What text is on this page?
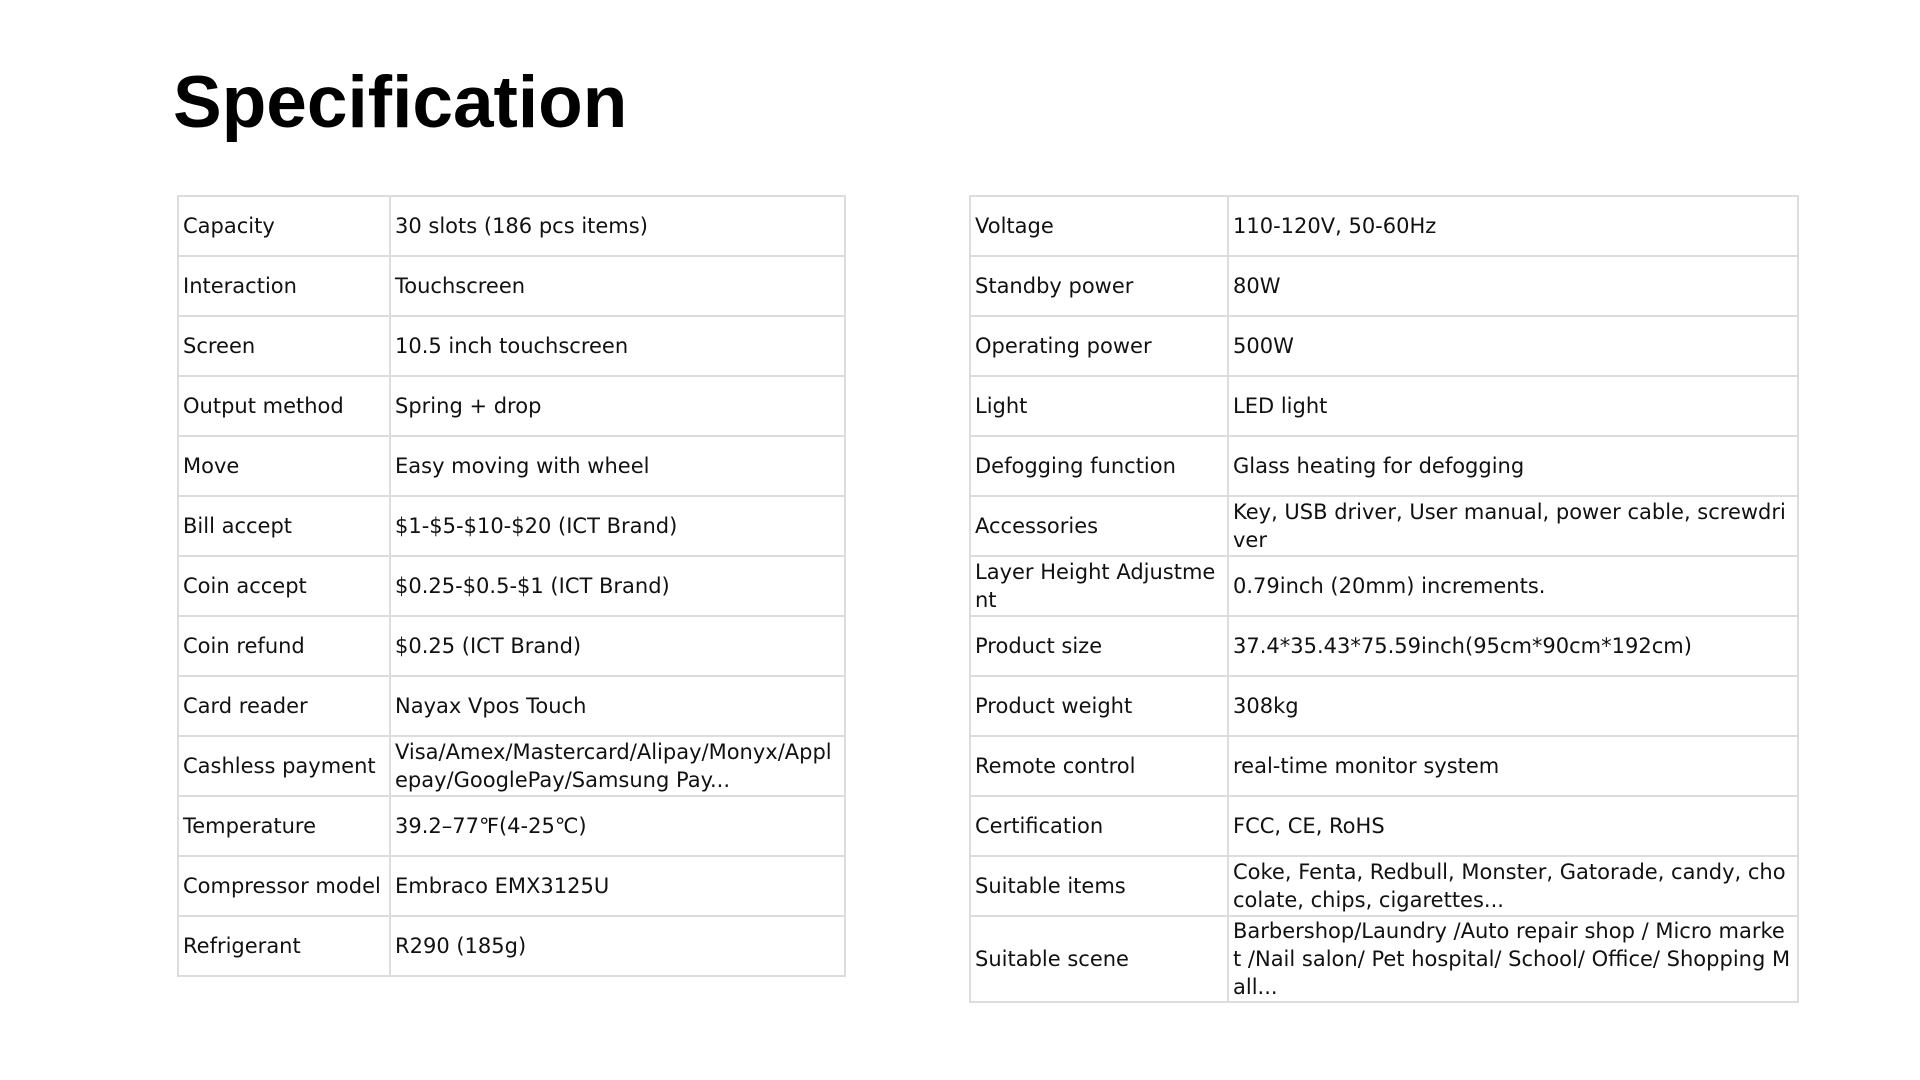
Specification
Capacity	30 slots (186 pcs items)
Interaction	Touchscreen
Screen	10.5 inch touchscreen
Output method	Spring + drop
Move	Easy moving with wheel
Bill accept	$1-$5-$10-$20 (ICT Brand)
Coin accept	$0.25-$0.5-$1 (ICT Brand)
Coin refund	$0.25 (ICT Brand)
Card reader	Nayax Vpos Touch
Cashless payment	Visa/Amex/Mastercard/Alipay/Monyx/Applepay/GooglePay/Samsung Pay...
Temperature	39.2–77℉(4-25℃)
Compressor model	Embraco EMX3125U
Refrigerant	R290 (185g)
Voltage	110-120V, 50-60Hz
Standby power	80W
Operating power	500W
Light	LED light
Defogging function	Glass heating for defogging
Accessories	Key, USB driver, User manual, power cable, screwdriver
Layer Height Adjustment	0.79inch (20mm) increments.
Product size	37.4*35.43*75.59inch(95cm*90cm*192cm)
Product weight	308kg
Remote control	real-time monitor system
Certification	FCC, CE, RoHS
Suitable items	Coke, Fenta, Redbull, Monster, Gatorade, candy, chocolate, chips, cigarettes...
Suitable scene	Barbershop/Laundry /Auto repair shop / Micro market /Nail salon/ Pet hospital/ School/ Office/ Shopping Mall...
